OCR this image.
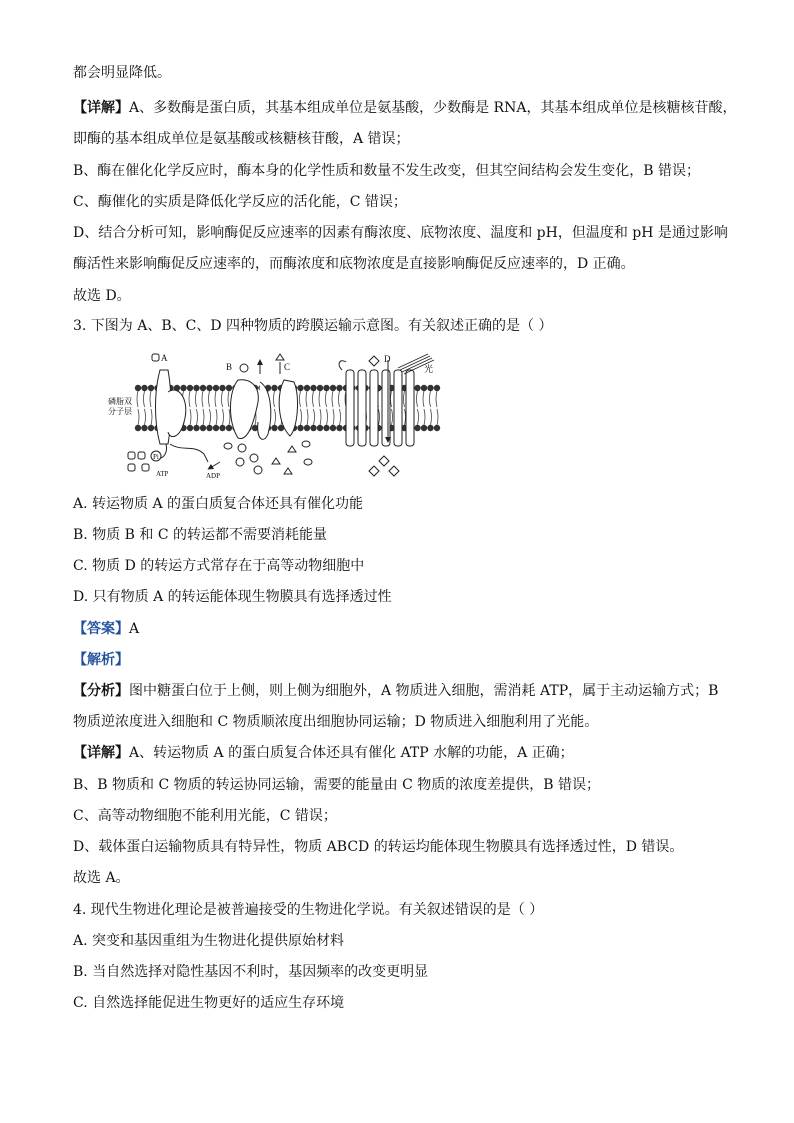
都会明显降低。
【详解】A、多数酶是蛋白质，其基本组成单位是氨基酸，少数酶是 RNA，其基本组成单位是核糖核苷酸，
即酶的基本组成单位是氨基酸或核糖核苷酸，A 错误；
B、酶在催化化学反应时，酶本身的化学性质和数量不发生改变，但其空间结构会发生变化，B 错误；
C、酶催化的实质是降低化学反应的活化能，C 错误；
D、结合分析可知，影响酶促反应速率的因素有酶浓度、底物浓度、温度和 pH，但温度和 pH 是通过影响
酶活性来影响酶促反应速率的，而酶浓度和底物浓度是直接影响酶促反应速率的，D 正确。
故选 D。
3. 下图为 A、B、C、D 四种物质的跨膜运输示意图。有关叙述正确的是（ ）
A
B	C
D
光
磷脂双
分子层
Pi
ATP	ADP
A. 转运物质 A 的蛋白质复合体还具有催化功能
B. 物质 B 和 C 的转运都不需要消耗能量
C. 物质 D 的转运方式常存在于高等动物细胞中
D. 只有物质 A 的转运能体现生物膜具有选择透过性
【答案】A
【解析】
【分析】图中糖蛋白位于上侧，则上侧为细胞外，A 物质进入细胞，需消耗 ATP，属于主动运输方式；B
物质逆浓度进入细胞和 C 物质顺浓度出细胞协同运输；D 物质进入细胞利用了光能。
【详解】A、转运物质 A 的蛋白质复合体还具有催化 ATP 水解的功能，A 正确；
B、B 物质和 C 物质的转运协同运输，需要的能量由 C 物质的浓度差提供，B 错误；
C、高等动物细胞不能利用光能，C 错误；
D、载体蛋白运输物质具有特异性，物质 ABCD 的转运均能体现生物膜具有选择透过性，D 错误。
故选 A。
4. 现代生物进化理论是被普遍接受的生物进化学说。有关叙述错误的是（ ）
A. 突变和基因重组为生物进化提供原始材料
B. 当自然选择对隐性基因不利时，基因频率的改变更明显
C. 自然选择能促进生物更好的适应生存环境
